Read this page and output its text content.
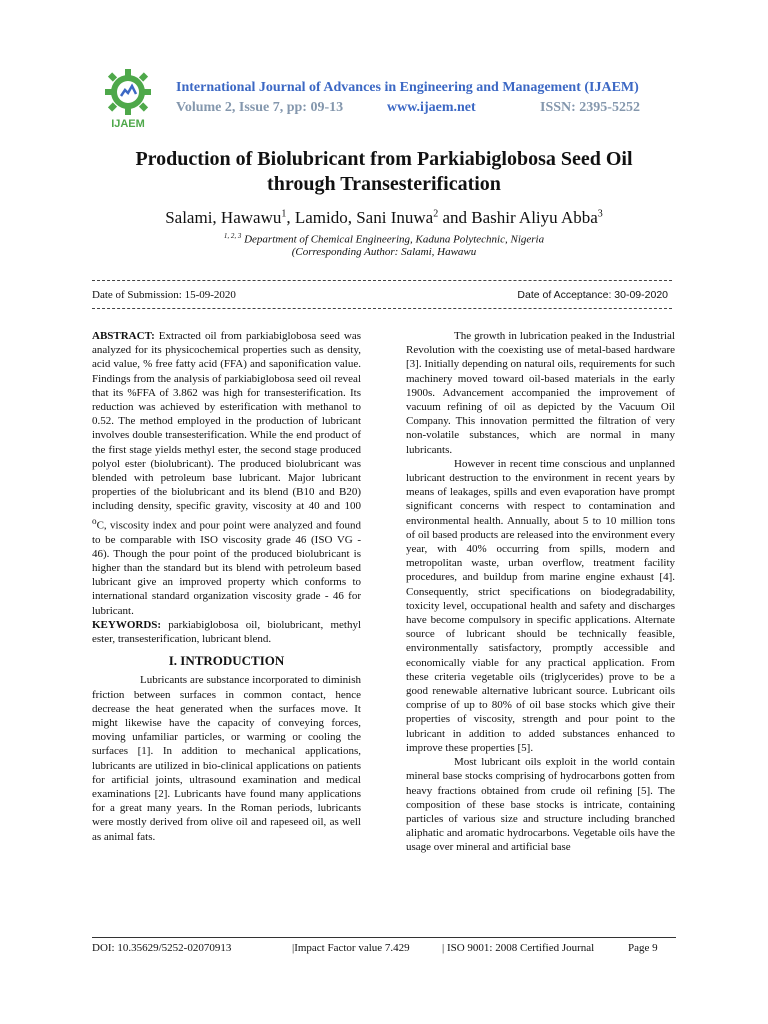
IJAEM
International Journal of Advances in Engineering and Management (IJAEM)
Volume 2, Issue 7, pp: 09-13	www.ijaem.net	ISSN: 2395-5252
Production of Biolubricant from Parkiabiglobosa Seed Oil
through Transesterification
Salami, Hawawu$^1$, Lamido, Sani Inuwa$^2$ and Bashir Aliyu Abba$^3$
$^{1, 2, 3}$ Department of Chemical Engineering, Kaduna Polytechnic, Nigeria
(Corresponding Author: Salami, Hawawu
Date of Submission: 15-09-2020	Date of Acceptance: 30-09-2020

ABSTRACT: Extracted oil from parkiabiglobosa seed was analyzed for its physicochemical properties such as density, acid value, % free fatty acid (FFA) and saponification value. Findings from the analysis of parkiabiglobosa seed oil reveal that its %FFA of 3.862 was high for transesterification. Its reduction was achieved by esterification with methanol to 0.52. The method employed in the production of lubricant involves double transesterification. While the end product of the first stage yields methyl ester, the second stage produced polyol ester (biolubricant). The produced biolubricant was blended with petroleum base lubricant. Major lubricant properties of the biolubricant and its blend (B10 and B20) including density, specific gravity, viscosity at 40 and 100 $^o$C, viscosity index and pour point were analyzed and found to be comparable with ISO viscosity grade 46 (ISO VG - 46). Though the pour point of the produced biolubricant is higher than the standard but its blend with petroleum based lubricant give an improved property which conforms to international standard organization viscosity grade - 46 for lubricant.

KEYWORDS: parkiabiglobosa oil, biolubricant, methyl ester, transesterification, lubricant blend.

I. INTRODUCTION

Lubricants are substance incorporated to diminish friction between surfaces in common contact, hence decrease the heat generated when the surfaces move. It might likewise have the capacity of conveying forces, moving unfamiliar particles, or warming or cooling the surfaces [1]. In addition to mechanical applications, lubricants are utilized in bio-clinical applications on patients for artificial joints, ultrasound examination and medical examinations [2]. Lubricants have found many applications for a great many years. In the Roman periods, lubricants were mostly derived from olive oil and rapeseed oil, as well as animal fats.

The growth in lubrication peaked in the Industrial Revolution with the coexisting use of metal-based hardware [3]. Initially depending on natural oils, requirements for such machinery moved toward oil-based materials in the early 1900s. Advancement accompanied the improvement of vacuum refining of oil as depicted by the Vacuum Oil Company. This innovation permitted the filtration of very non-volatile substances, which are normal in many lubricants.

However in recent time conscious and unplanned lubricant destruction to the environment in recent years by means of leakages, spills and even evaporation have prompt significant concerns with respect to contamination and environmental health. Annually, about 5 to 10 million tons of oil based products are released into the environment every year, with 40% occurring from spills, modern and metropolitan waste, urban overflow, treatment facility procedures, and buildup from marine engine exhaust [4]. Consequently, strict specifications on biodegradability, toxicity level, occupational health and safety and discharges have become compulsory in specific applications. Alternate source of lubricant should be technically feasible, environmentally satisfactory, promptly accessible and economically viable for any practical application. From these criteria vegetable oils (triglycerides) prove to be a good renewable alternative lubricant source. Lubricant oils comprise of up to 80% of oil base stocks which give their properties of viscosity, strength and pour point to the lubricant in addition to added substances enhanced to improve these properties [5].

Most lubricant oils exploit in the world contain mineral base stocks comprising of hydrocarbons gotten from heavy fractions obtained from crude oil refining [5]. The composition of these base stocks is intricate, containing particles of various size and structure including branched aliphatic and aromatic hydrocarbons. Vegetable oils have the usage over mineral and artificial base

DOI: 10.35629/5252-02070913	|Impact Factor value 7.429	| ISO 9001: 2008 Certified Journal	Page 9
